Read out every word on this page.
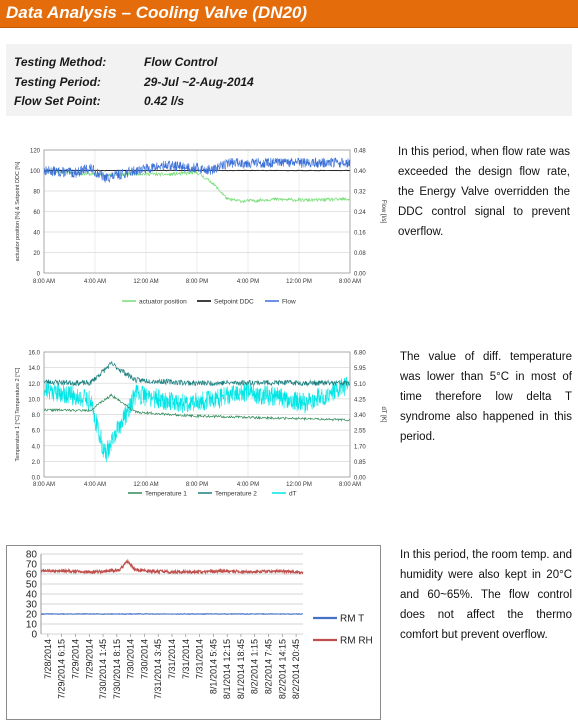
Data Analysis – Cooling Valve (DN20)
Testing Method:	Flow Control
Testing Period:	29-Jul ~2-Aug-2014
Flow Set Point:	0.42 l/s
0
20
40
60
80
100
120
0.00
0.08
0.16
0.24
0.32
0.40
0.48
8:00 AM	4:00 AM	12:00 AM	8:00 PM	4:00 PM	12:00 PM	8:00 AM
actuator position [%] & Setpoint DDC [%]	Flow [l/s]
actuator position	Setpoint DDC	Flow
0.0
2.0
4.0
6.0
8.0
10.0
12.0
14.0
16.0
0.00
0.85
1.70
2.55
3.40
4.25
5.10
5.95
6.80
8:00 AM	4:00 AM	12:00 AM	8:00 PM	4:00 PM	12:00 PM	8:00 AM
Temperature 1 [°C] Temperature 2 [°C]	dT [K]
Temperature 1	Temperature 2	dT
0
10
20
30
40
50
60
70
80
7/28/2014 7/29/2014 6:15 7/29/2014 7/29/2014 7/30/2014 1:45 7/30/2014 8:15 7/30/2014 7/30/2014 7/31/2014 3:45 7/31/2014 7/31/2014 7/31/2014 8/1/2014 5:45 8/1/2014 12:15 8/1/2014 18:45 8/2/2014 1:15 8/2/2014 7:45 8/2/2014 14:15 8/2/2014 20:45
RM T
RM RH
In this period, when flow rate was exceeded the design flow rate, the Energy Valve overridden the DDC control signal to prevent overflow.
The value of diff. temperature was lower than 5°C in most of time therefore low delta T syndrome also happened in this period.
In this period, the room temp. and humidity were also kept in 20°C and 60~65%. The flow control does not affect the thermo comfort but prevent overflow.
